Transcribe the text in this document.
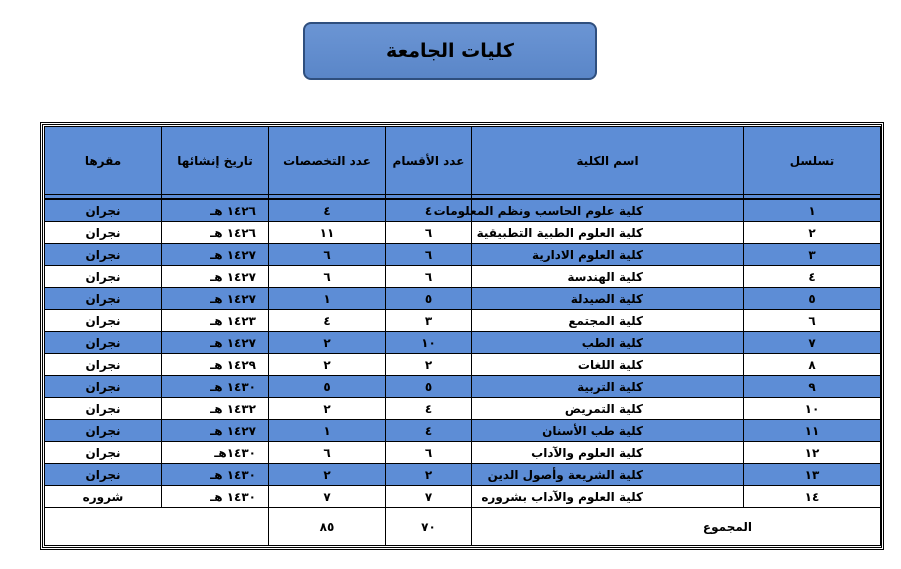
كليات الجامعة
تسلسل	اسم الكلية	عدد الأقسام	عدد التخصصات	تاريخ إنشائها	مقرها

١	كلية علوم الحاسب ونظم المعلومات	٤	٤	١٤٢٦ هـ	نجران
٢	كلية العلوم الطبية التطبيقية	٦	١١	١٤٢٦ هـ	نجران
٣	كلية العلوم الادارية	٦	٦	١٤٢٧ هـ	نجران
٤	كلية الهندسة	٦	٦	١٤٢٧ هـ	نجران
٥	كلية الصيدلة	٥	١	١٤٢٧ هـ	نجران
٦	كلية المجتمع	٣	٤	١٤٢٣ هـ	نجران
٧	كلية الطب	١٠	٢	١٤٢٧ هـ	نجران
٨	كلية اللغات	٢	٢	١٤٢٩ هـ	نجران
٩	كلية التربية	٥	٥	١٤٣٠ هـ	نجران
١٠	كلية التمريض	٤	٢	١٤٣٢ هـ	نجران
١١	كلية طب الأسنان	٤	١	١٤٢٧ هـ	نجران
١٢	كلية العلوم والآداب	٦	٦	١٤٣٠هـ	نجران
١٣	كلية الشريعة وأصول الدين	٢	٢	١٤٣٠ هـ	نجران
١٤	كلية العلوم والآداب بشروره	٧	٧	١٤٣٠ هـ	شروره
المجموع		٧٠	٨٥		
